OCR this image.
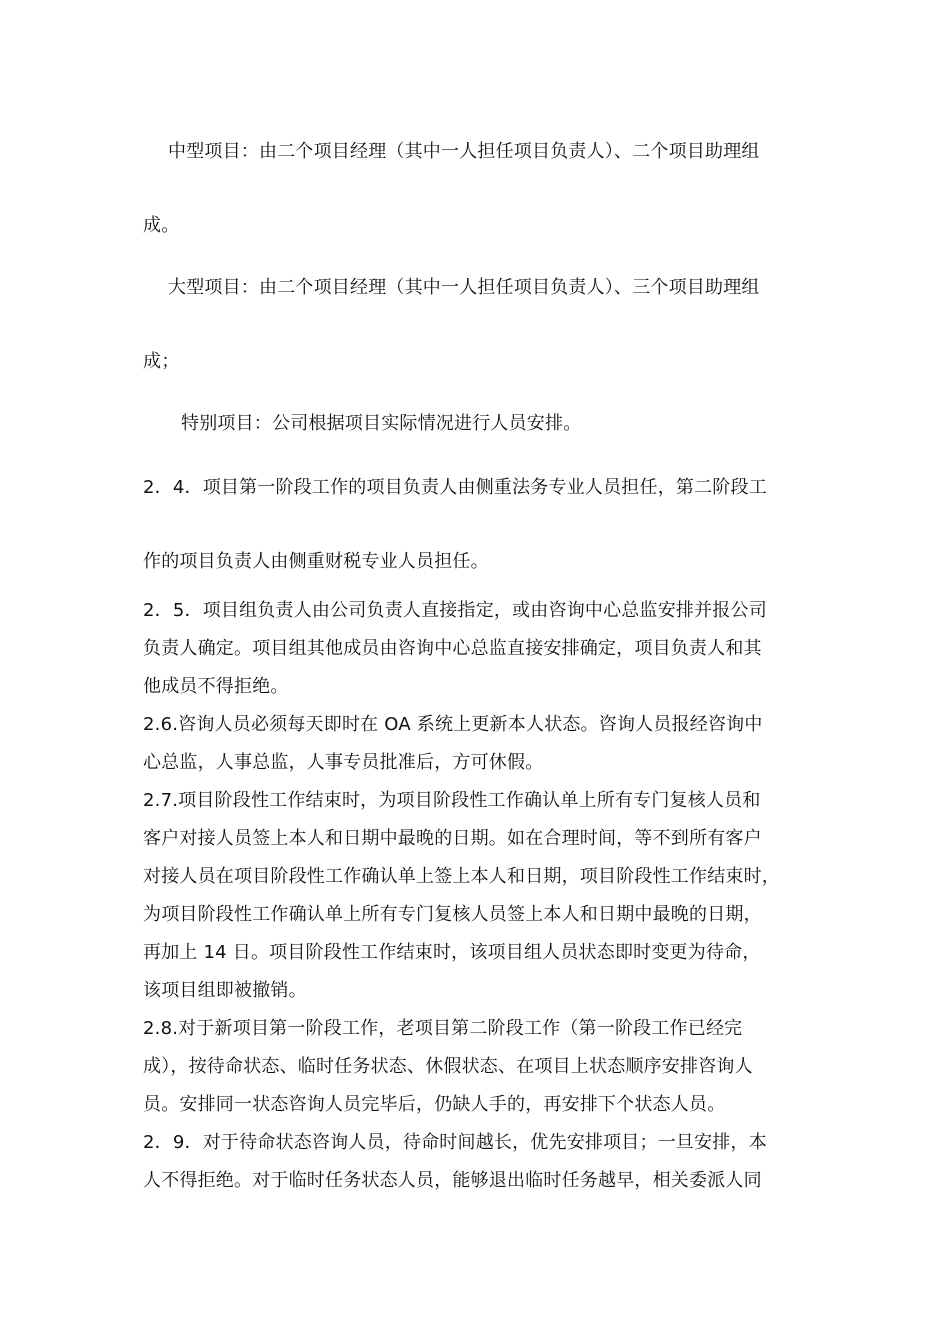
中型项目：由二个项目经理（其中一人担任项目负责人）、二个项目助理组
成。
大型项目：由二个项目经理（其中一人担任项目负责人）、三个项目助理组
成；
特别项目：公司根据项目实际情况进行人员安排。
2．4．项目第一阶段工作的项目负责人由侧重法务专业人员担任，第二阶段工
作的项目负责人由侧重财税专业人员担任。
2．5．项目组负责人由公司负责人直接指定，或由咨询中心总监安排并报公司
负责人确定。项目组其他成员由咨询中心总监直接安排确定，项目负责人和其
他成员不得拒绝。
2.6.咨询人员必须每天即时在 OA 系统上更新本人状态。咨询人员报经咨询中
心总监，人事总监，人事专员批准后，方可休假。
2.7.项目阶段性工作结束时，为项目阶段性工作确认单上所有专门复核人员和
客户对接人员签上本人和日期中最晚的日期。如在合理时间，等不到所有客户
对接人员在项目阶段性工作确认单上签上本人和日期，项目阶段性工作结束时，
为项目阶段性工作确认单上所有专门复核人员签上本人和日期中最晚的日期，
再加上 14 日。项目阶段性工作结束时，该项目组人员状态即时变更为待命，
该项目组即被撤销。
2.8.对于新项目第一阶段工作，老项目第二阶段工作（第一阶段工作已经完
成），按待命状态、临时任务状态、休假状态、在项目上状态顺序安排咨询人
员。安排同一状态咨询人员完毕后，仍缺人手的，再安排下个状态人员。
2．9．对于待命状态咨询人员，待命时间越长，优先安排项目；一旦安排，本
人不得拒绝。对于临时任务状态人员，能够退出临时任务越早，相关委派人同
